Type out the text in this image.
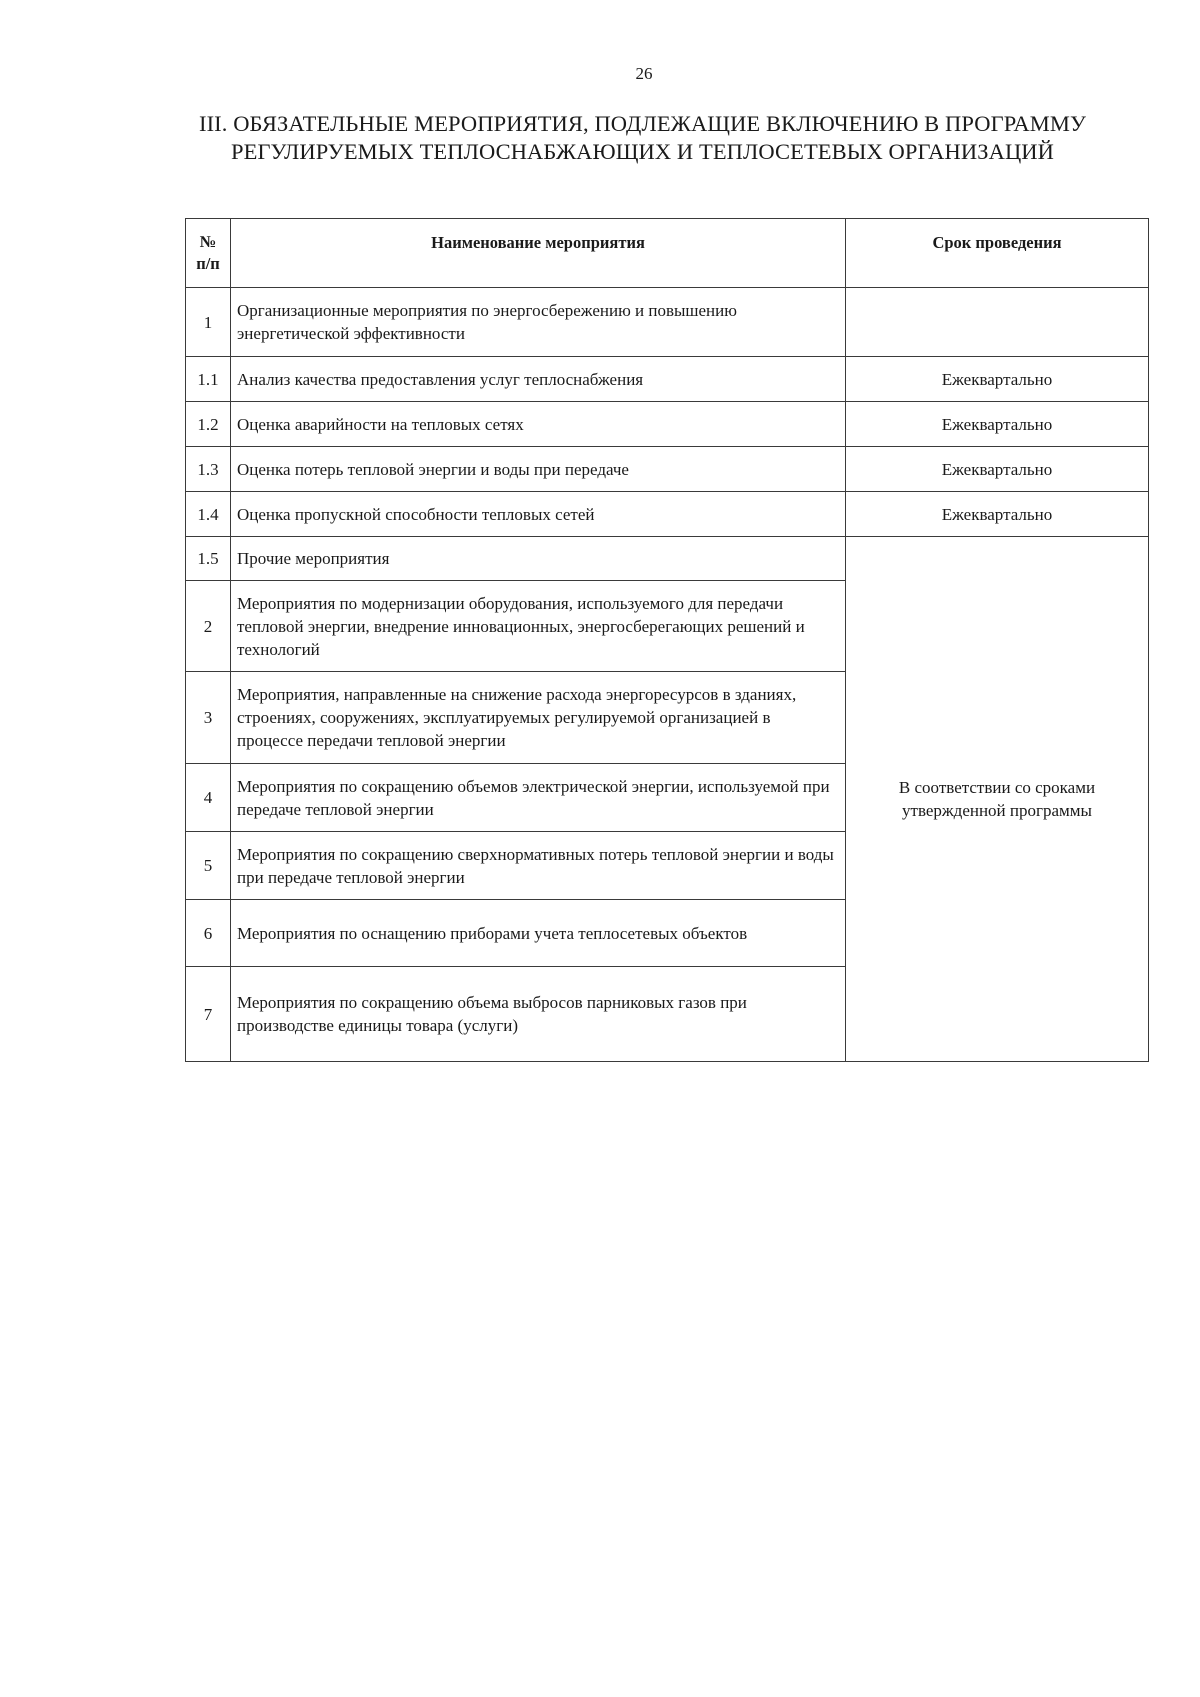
26
III. ОБЯЗАТЕЛЬНЫЕ МЕРОПРИЯТИЯ, ПОДЛЕЖАЩИЕ ВКЛЮЧЕНИЮ В ПРОГРАММУ
РЕГУЛИРУЕМЫХ ТЕПЛОСНАБЖАЮЩИХ И ТЕПЛОСЕТЕВЫХ ОРГАНИЗАЦИЙ
№
п/п	Наименование мероприятия	Срок проведения
1	Организационные мероприятия по энергосбережению и повышению энергетической эффективности	
1.1	Анализ качества предоставления услуг теплоснабжения	Ежеквартально
1.2	Оценка аварийности на тепловых сетях	Ежеквартально
1.3	Оценка потерь тепловой энергии и воды при передаче	Ежеквартально
1.4	Оценка пропускной способности тепловых сетей	Ежеквартально
1.5	Прочие мероприятия	В соответствии со сроками утвержденной программы
2	Мероприятия по модернизации оборудования, используемого для передачи тепловой энергии, внедрение инновационных, энергосберегающих решений и технологий	
3	Мероприятия, направленные на снижение расхода энергоресурсов в зданиях, строениях, сооружениях, эксплуатируемых регулируемой организацией в процессе передачи тепловой энергии	
4	Мероприятия по сокращению объемов электрической энергии, используемой при передаче тепловой энергии	
5	Мероприятия по сокращению сверхнормативных потерь тепловой энергии и воды при передаче тепловой энергии	
6	Мероприятия по оснащению приборами учета теплосетевых объектов	
7	Мероприятия по сокращению объема выбросов парниковых газов при производстве единицы товара (услуги)	
